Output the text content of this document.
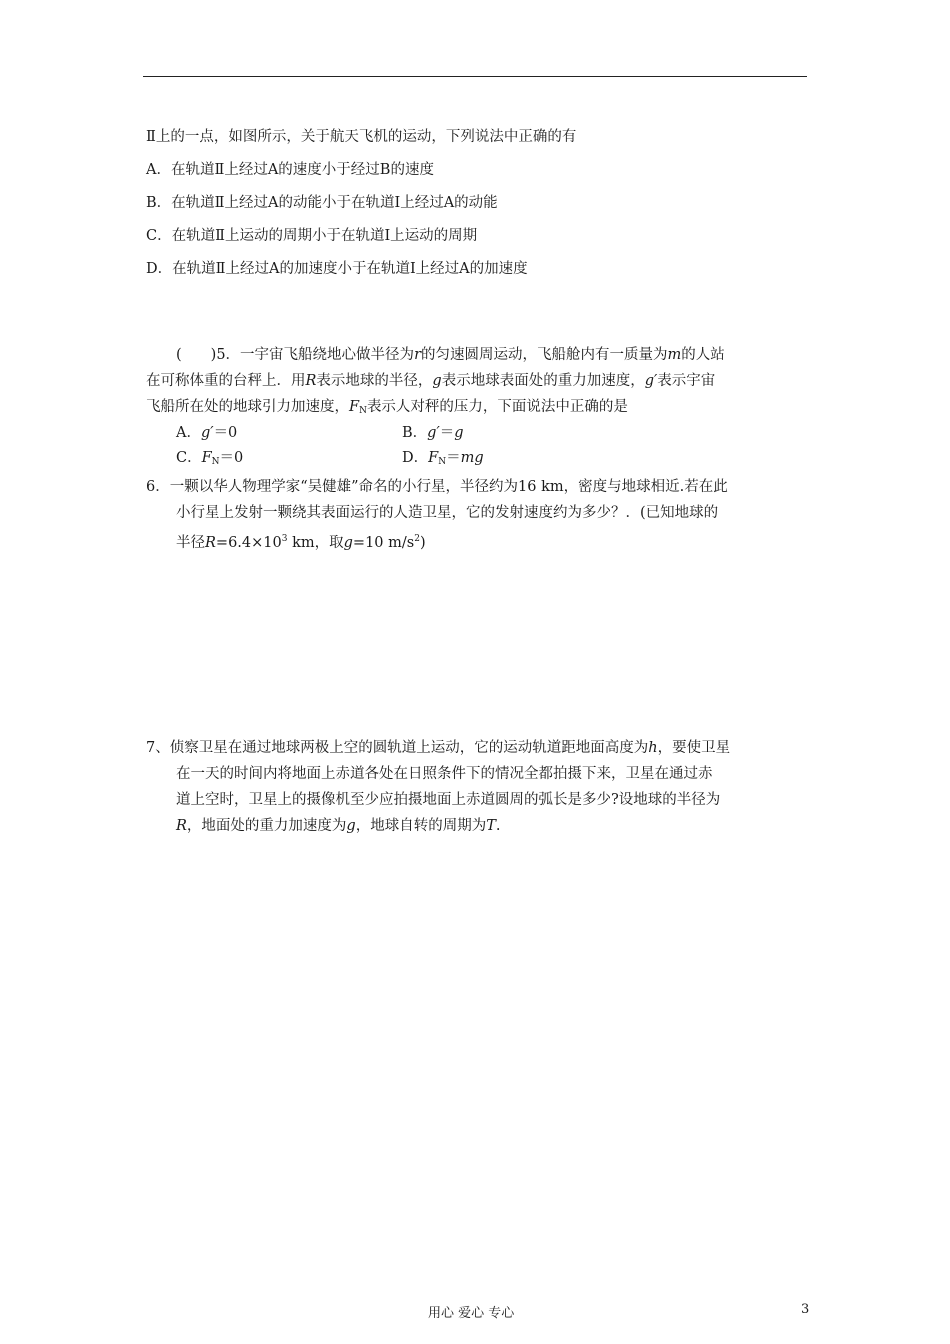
Ⅱ上的一点，如图所示，关于航天飞机的运动，下列说法中正确的有
A．在轨道Ⅱ上经过A的速度小于经过B的速度
B．在轨道Ⅱ上经过A的动能小于在轨道Ⅰ上经过A的动能
C．在轨道Ⅱ上运动的周期小于在轨道Ⅰ上运动的周期
D．在轨道Ⅱ上经过A的加速度小于在轨道Ⅰ上经过A的加速度
(　　)5．一宇宙飞船绕地心做半径为r的匀速圆周运动，飞船舱内有一质量为m的人站
在可称体重的台秤上．用R表示地球的半径，g表示地球表面处的重力加速度，g′表示宇宙
飞船所在处的地球引力加速度，$F_N$表示人对秤的压力，下面说法中正确的是
A．g′＝0	B．g′＝g
C．$F_N=0$	D．$F_N=mg$
6．一颗以华人物理学家“吴健雄”命名的小行星，半径约为16 km，密度与地球相近.若在此
小行星上发射一颗绕其表面运行的人造卫星，它的发射速度约为多少？．(已知地球的
半径$R=6.4\times 10^3$ km，取g=10 $m/s^2$)
7、侦察卫星在通过地球两极上空的圆轨道上运动，它的运动轨道距地面高度为h，要使卫星
在一天的时间内将地面上赤道各处在日照条件下的情况全都拍摄下来，卫星在通过赤
道上空时，卫星上的摄像机至少应拍摄地面上赤道圆周的弧长是多少?设地球的半径为
R，地面处的重力加速度为g，地球自转的周期为T.
用心 爱心 专心	3
